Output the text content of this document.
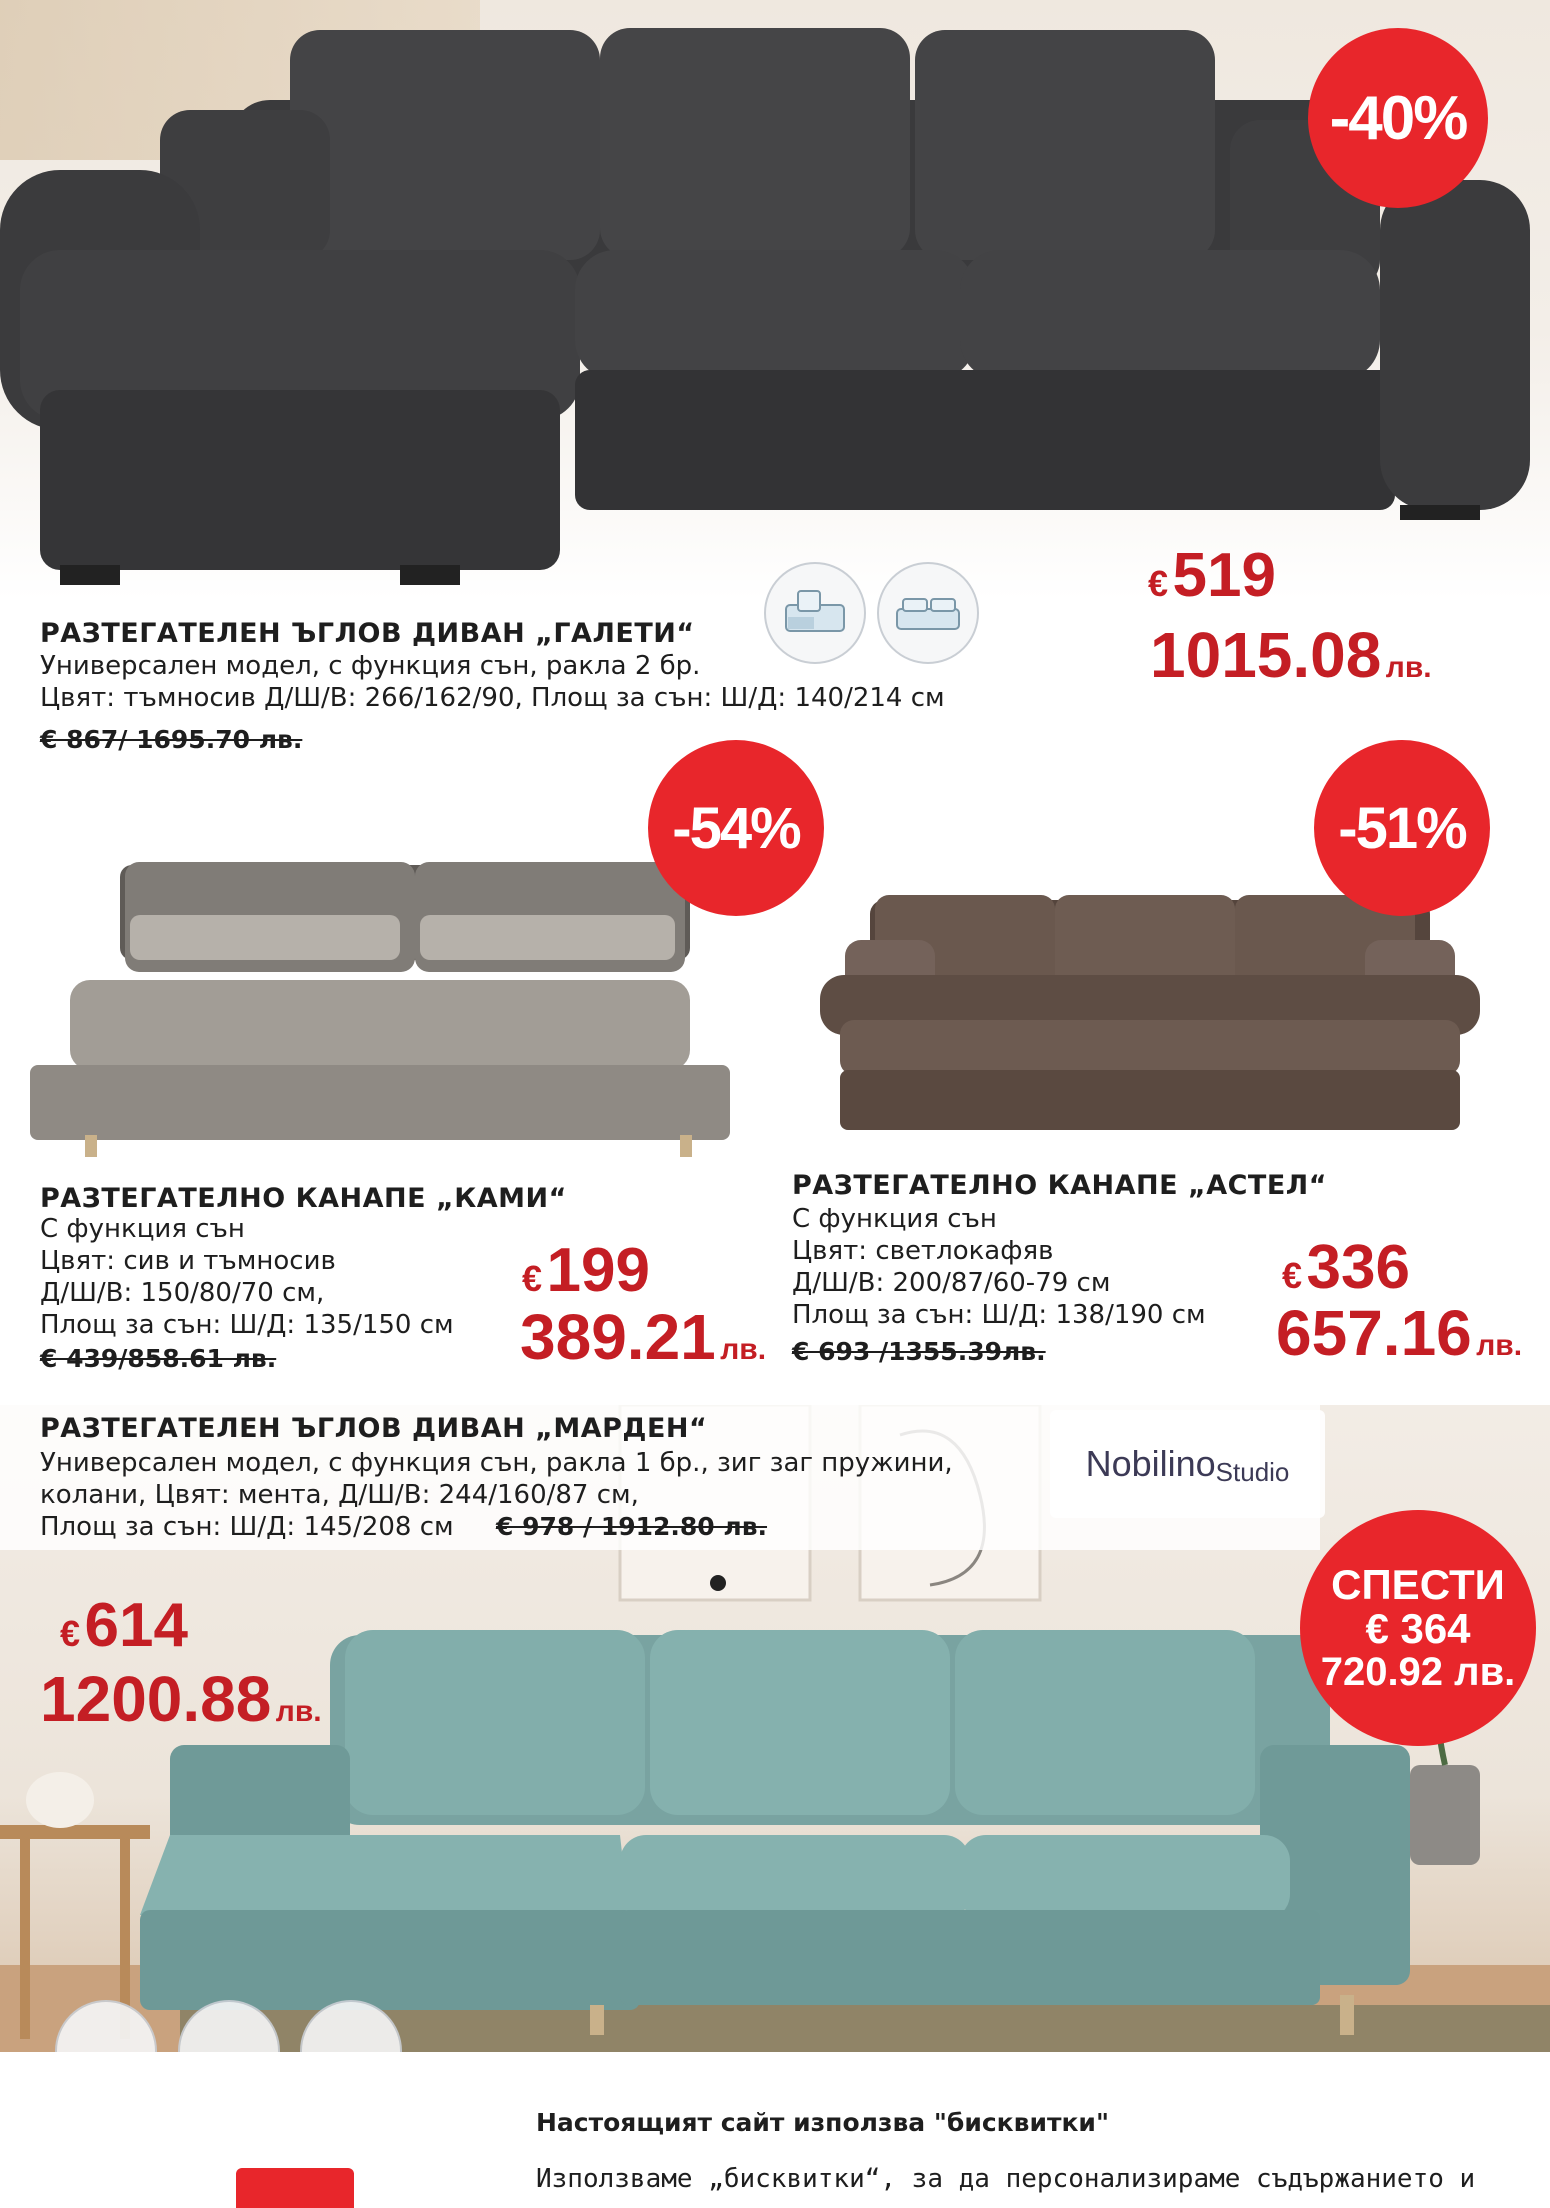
-40%
РАЗТЕГАТЕЛЕН ЪГЛОВ ДИВАН „ГАЛЕТИ“
Универсален модел, с функция сън, ракла 2 бр.
Цвят: тъмносив Д/Ш/В: 266/162/90, Площ за сън: Ш/Д: 140/214 см
€ 867/ 1695.70 лв.
€ 519
1015.08 лв.
-54%
РАЗТЕГАТЕЛНО КАНАПЕ „КАМИ“
С функция сън
Цвят: сив и тъмносив
Д/Ш/В: 150/80/70 см,
Площ за сън: Ш/Д: 135/150 см
€ 439/858.61 лв.
€ 199
389.21 лв.
-51%
РАЗТЕГАТЕЛНО КАНАПЕ „АСТЕЛ“
С функция сън
Цвят: светлокафяв
Д/Ш/В: 200/87/60-79 см
Площ за сън: Ш/Д: 138/190 см
€ 693 /1355.39лв.
€ 336
657.16 лв.
РАЗТЕГАТЕЛЕН ЪГЛОВ ДИВАН „МАРДЕН“
Универсален модел, с функция сън, ракла 1 бр., зиг заг пружини,
колани, Цвят: мента, Д/Ш/В: 244/160/87 см,
Площ за сън: Ш/Д: 145/208 см € 978 / 1912.80 лв.
Nobilino Studio
СПЕСТИ
€ 364
720.92 лв.
€ 614
1200.88 лв.
Настоящият сайт използва "бисквитки"
Използваме „бисквитки“, за да персонализираме съдържанието и
